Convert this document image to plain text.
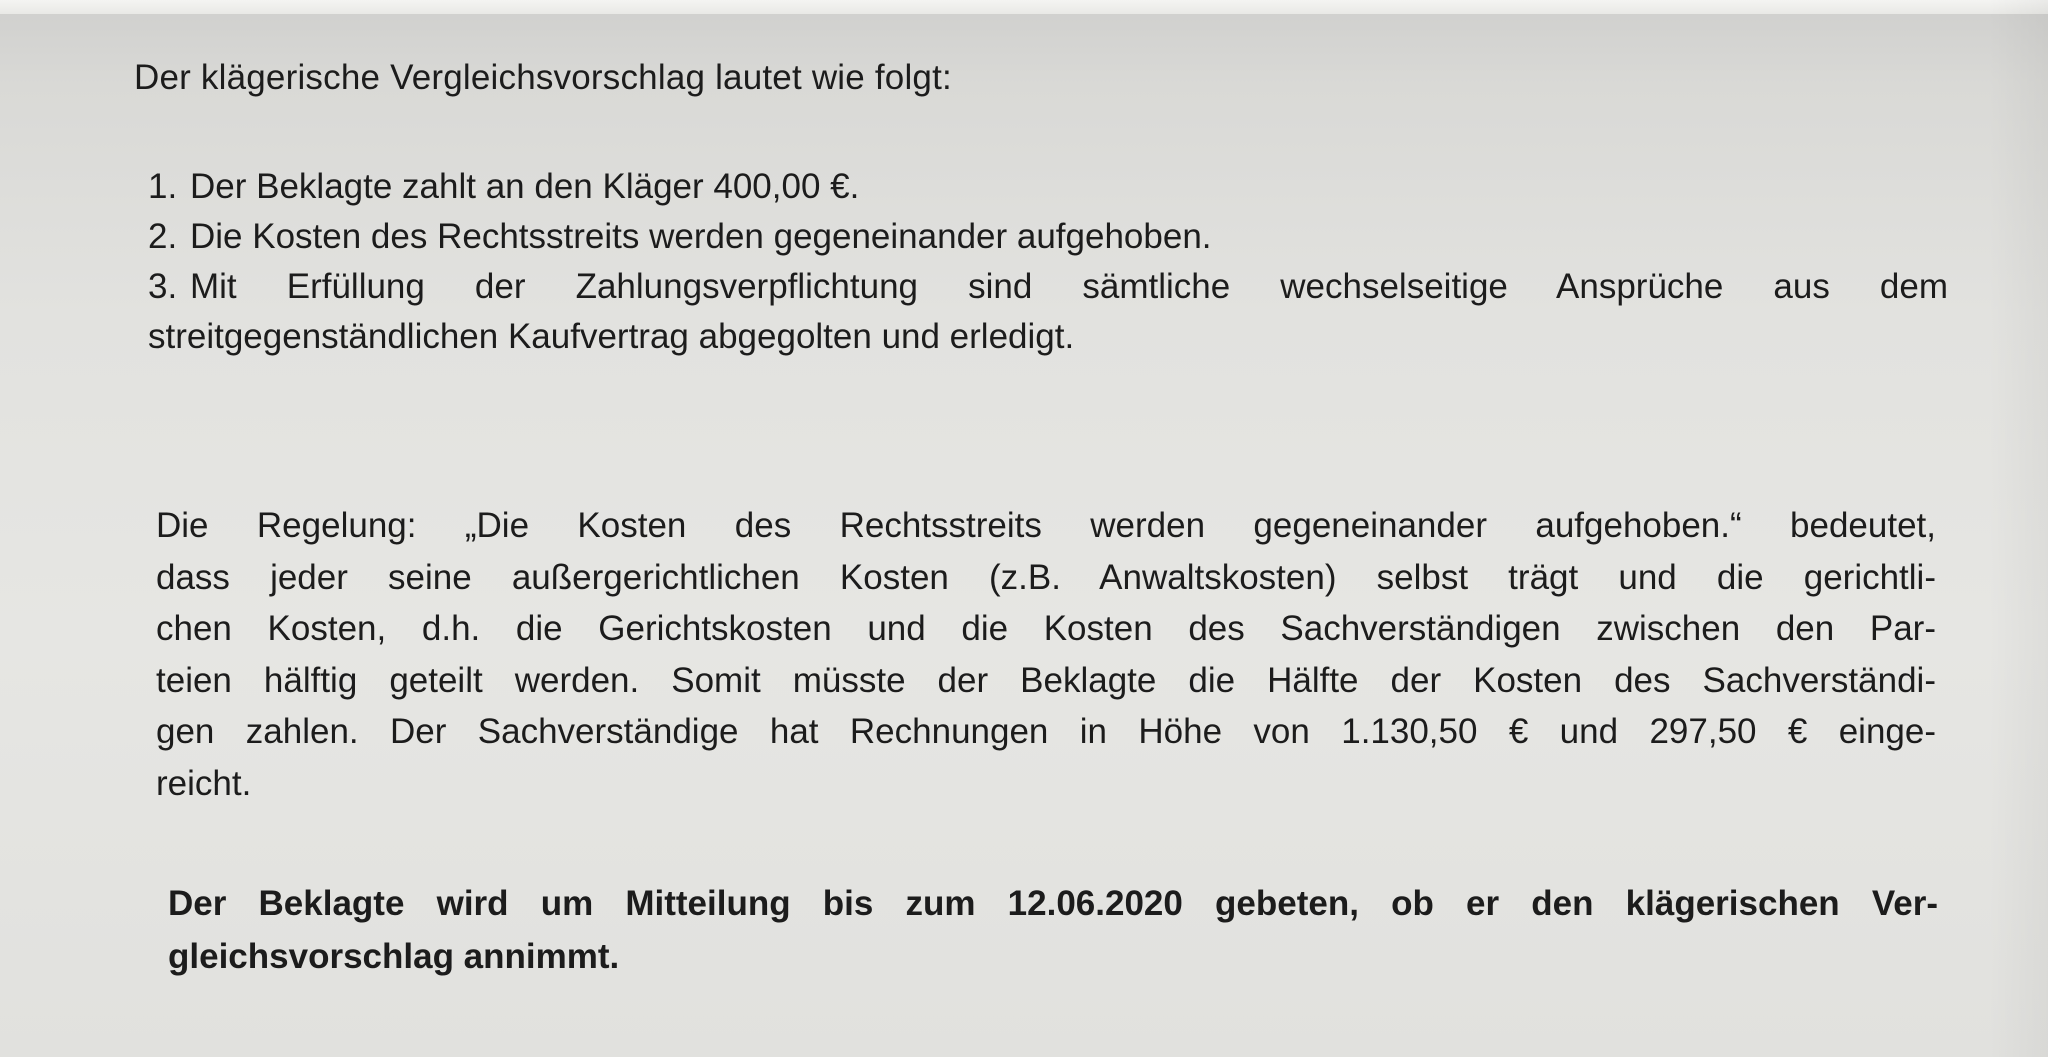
Der klägerische Vergleichsvorschlag lautet wie folgt:
1. Der Beklagte zahlt an den Kläger 400,00 €.
2. Die Kosten des Rechtsstreits werden gegeneinander aufgehoben.
3. Mit Erfüllung der Zahlungsverpflichtung sind sämtliche wechselseitige Ansprüche aus dem
streitgegenständlichen Kaufvertrag abgegolten und erledigt.
Die Regelung: „Die Kosten des Rechtsstreits werden gegeneinander aufgehoben.“ bedeutet,
dass jeder seine außergerichtlichen Kosten (z.B. Anwaltskosten) selbst trägt und die gerichtli-
chen Kosten, d.h. die Gerichtskosten und die Kosten des Sachverständigen zwischen den Par-
teien hälftig geteilt werden. Somit müsste der Beklagte die Hälfte der Kosten des Sachverständi-
gen zahlen. Der Sachverständige hat Rechnungen in Höhe von 1.130,50 € und 297,50 € einge-
reicht.
Der Beklagte wird um Mitteilung bis zum 12.06.2020 gebeten, ob er den klägerischen Ver-
gleichsvorschlag annimmt.
